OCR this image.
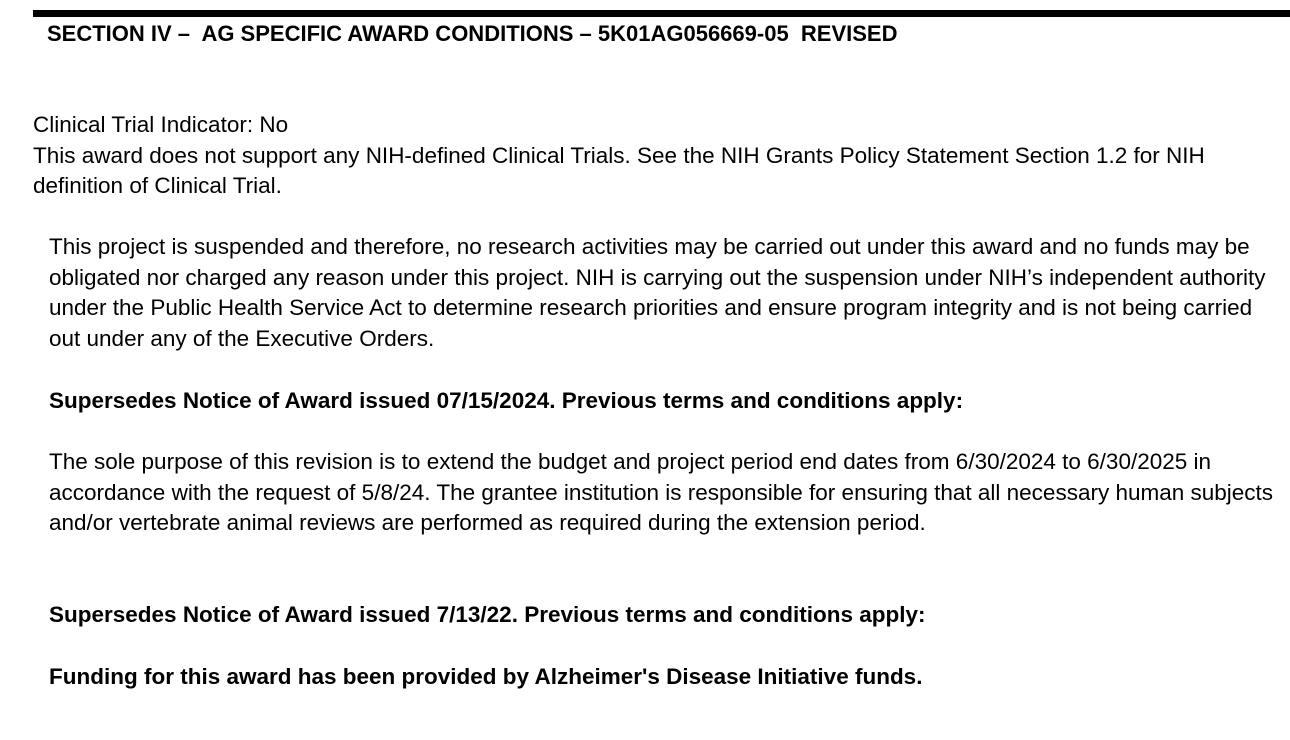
SECTION IV –  AG SPECIFIC AWARD CONDITIONS – 5K01AG056669-05  REVISED
Clinical Trial Indicator: No
This award does not support any NIH-defined Clinical Trials. See the NIH Grants Policy Statement Section 1.2 for NIH definition of Clinical Trial.

This project is suspended and therefore, no research activities may be carried out under this award and no funds may be obligated nor charged any reason under this project. NIH is carrying out the suspension under NIH’s independent authority under the Public Health Service Act to determine research priorities and ensure program integrity and is not being carried out under any of the Executive Orders.

Supersedes Notice of Award issued 07/15/2024. Previous terms and conditions apply:

The sole purpose of this revision is to extend the budget and project period end dates from 6/30/2024 to 6/30/2025 in accordance with the request of 5/8/24. The grantee institution is responsible for ensuring that all necessary human subjects and/or vertebrate animal reviews are performed as required during the extension period.

Supersedes Notice of Award issued 7/13/22. Previous terms and conditions apply:

Funding for this award has been provided by Alzheimer's Disease Initiative funds.
